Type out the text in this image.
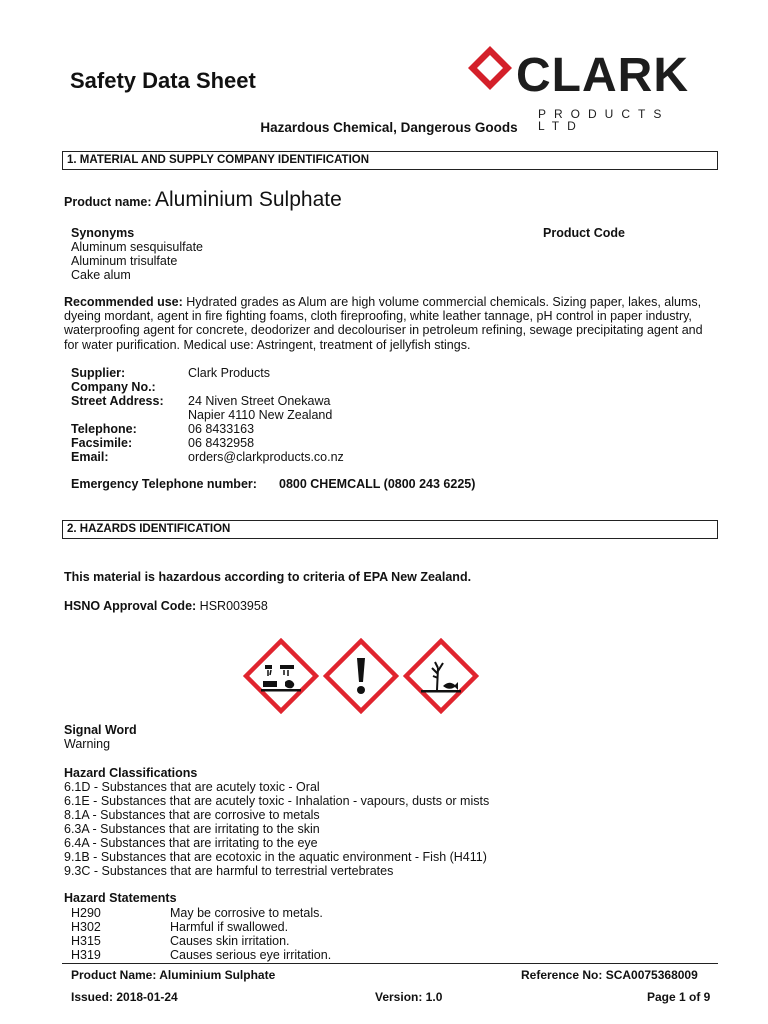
Safety Data Sheet	CLARK
PRODUCTS LTD
Hazardous Chemical, Dangerous Goods
1. MATERIAL AND SUPPLY COMPANY IDENTIFICATION
Product name: Aluminium Sulphate
Synonyms	Product Code
Aluminum sesquisulfate
Aluminum trisulfate
Cake alum
Recommended use: Hydrated grades as Alum are high volume commercial chemicals. Sizing paper, lakes, alums, dyeing mordant, agent in fire fighting foams, cloth fireproofing, white leather tannage, pH control in paper industry, waterproofing agent for concrete, deodorizer and decolouriser in petroleum refining, sewage precipitating agent and for water purification. Medical use: Astringent, treatment of jellyfish stings.
Supplier:	Clark Products
Company No.:
Street Address: 24 Niven Street Onekawa
Napier 4110 New Zealand
Telephone:	06 8433163
Facsimile:	06 8432958
Email:	orders@clarkproducts.co.nz
Emergency Telephone number: 0800 CHEMCALL (0800 243 6225)
2. HAZARDS IDENTIFICATION
This material is hazardous according to criteria of EPA New Zealand.
HSNO Approval Code: HSR003958
Signal Word
Warning
Hazard Classifications
6.1D - Substances that are acutely toxic - Oral
6.1E - Substances that are acutely toxic - Inhalation - vapours, dusts or mists
8.1A - Substances that are corrosive to metals
6.3A - Substances that are irritating to the skin
6.4A - Substances that are irritating to the eye
9.1B - Substances that are ecotoxic in the aquatic environment - Fish (H411)
9.3C - Substances that are harmful to terrestrial vertebrates
Hazard Statements
H290	May be corrosive to metals.
H302	Harmful if swallowed.
H315	Causes skin irritation.
H319	Causes serious eye irritation.
Product Name: Aluminium Sulphate	Reference No: SCA0075368009
Issued: 2018-01-24	Version: 1.0	Page 1 of 9
